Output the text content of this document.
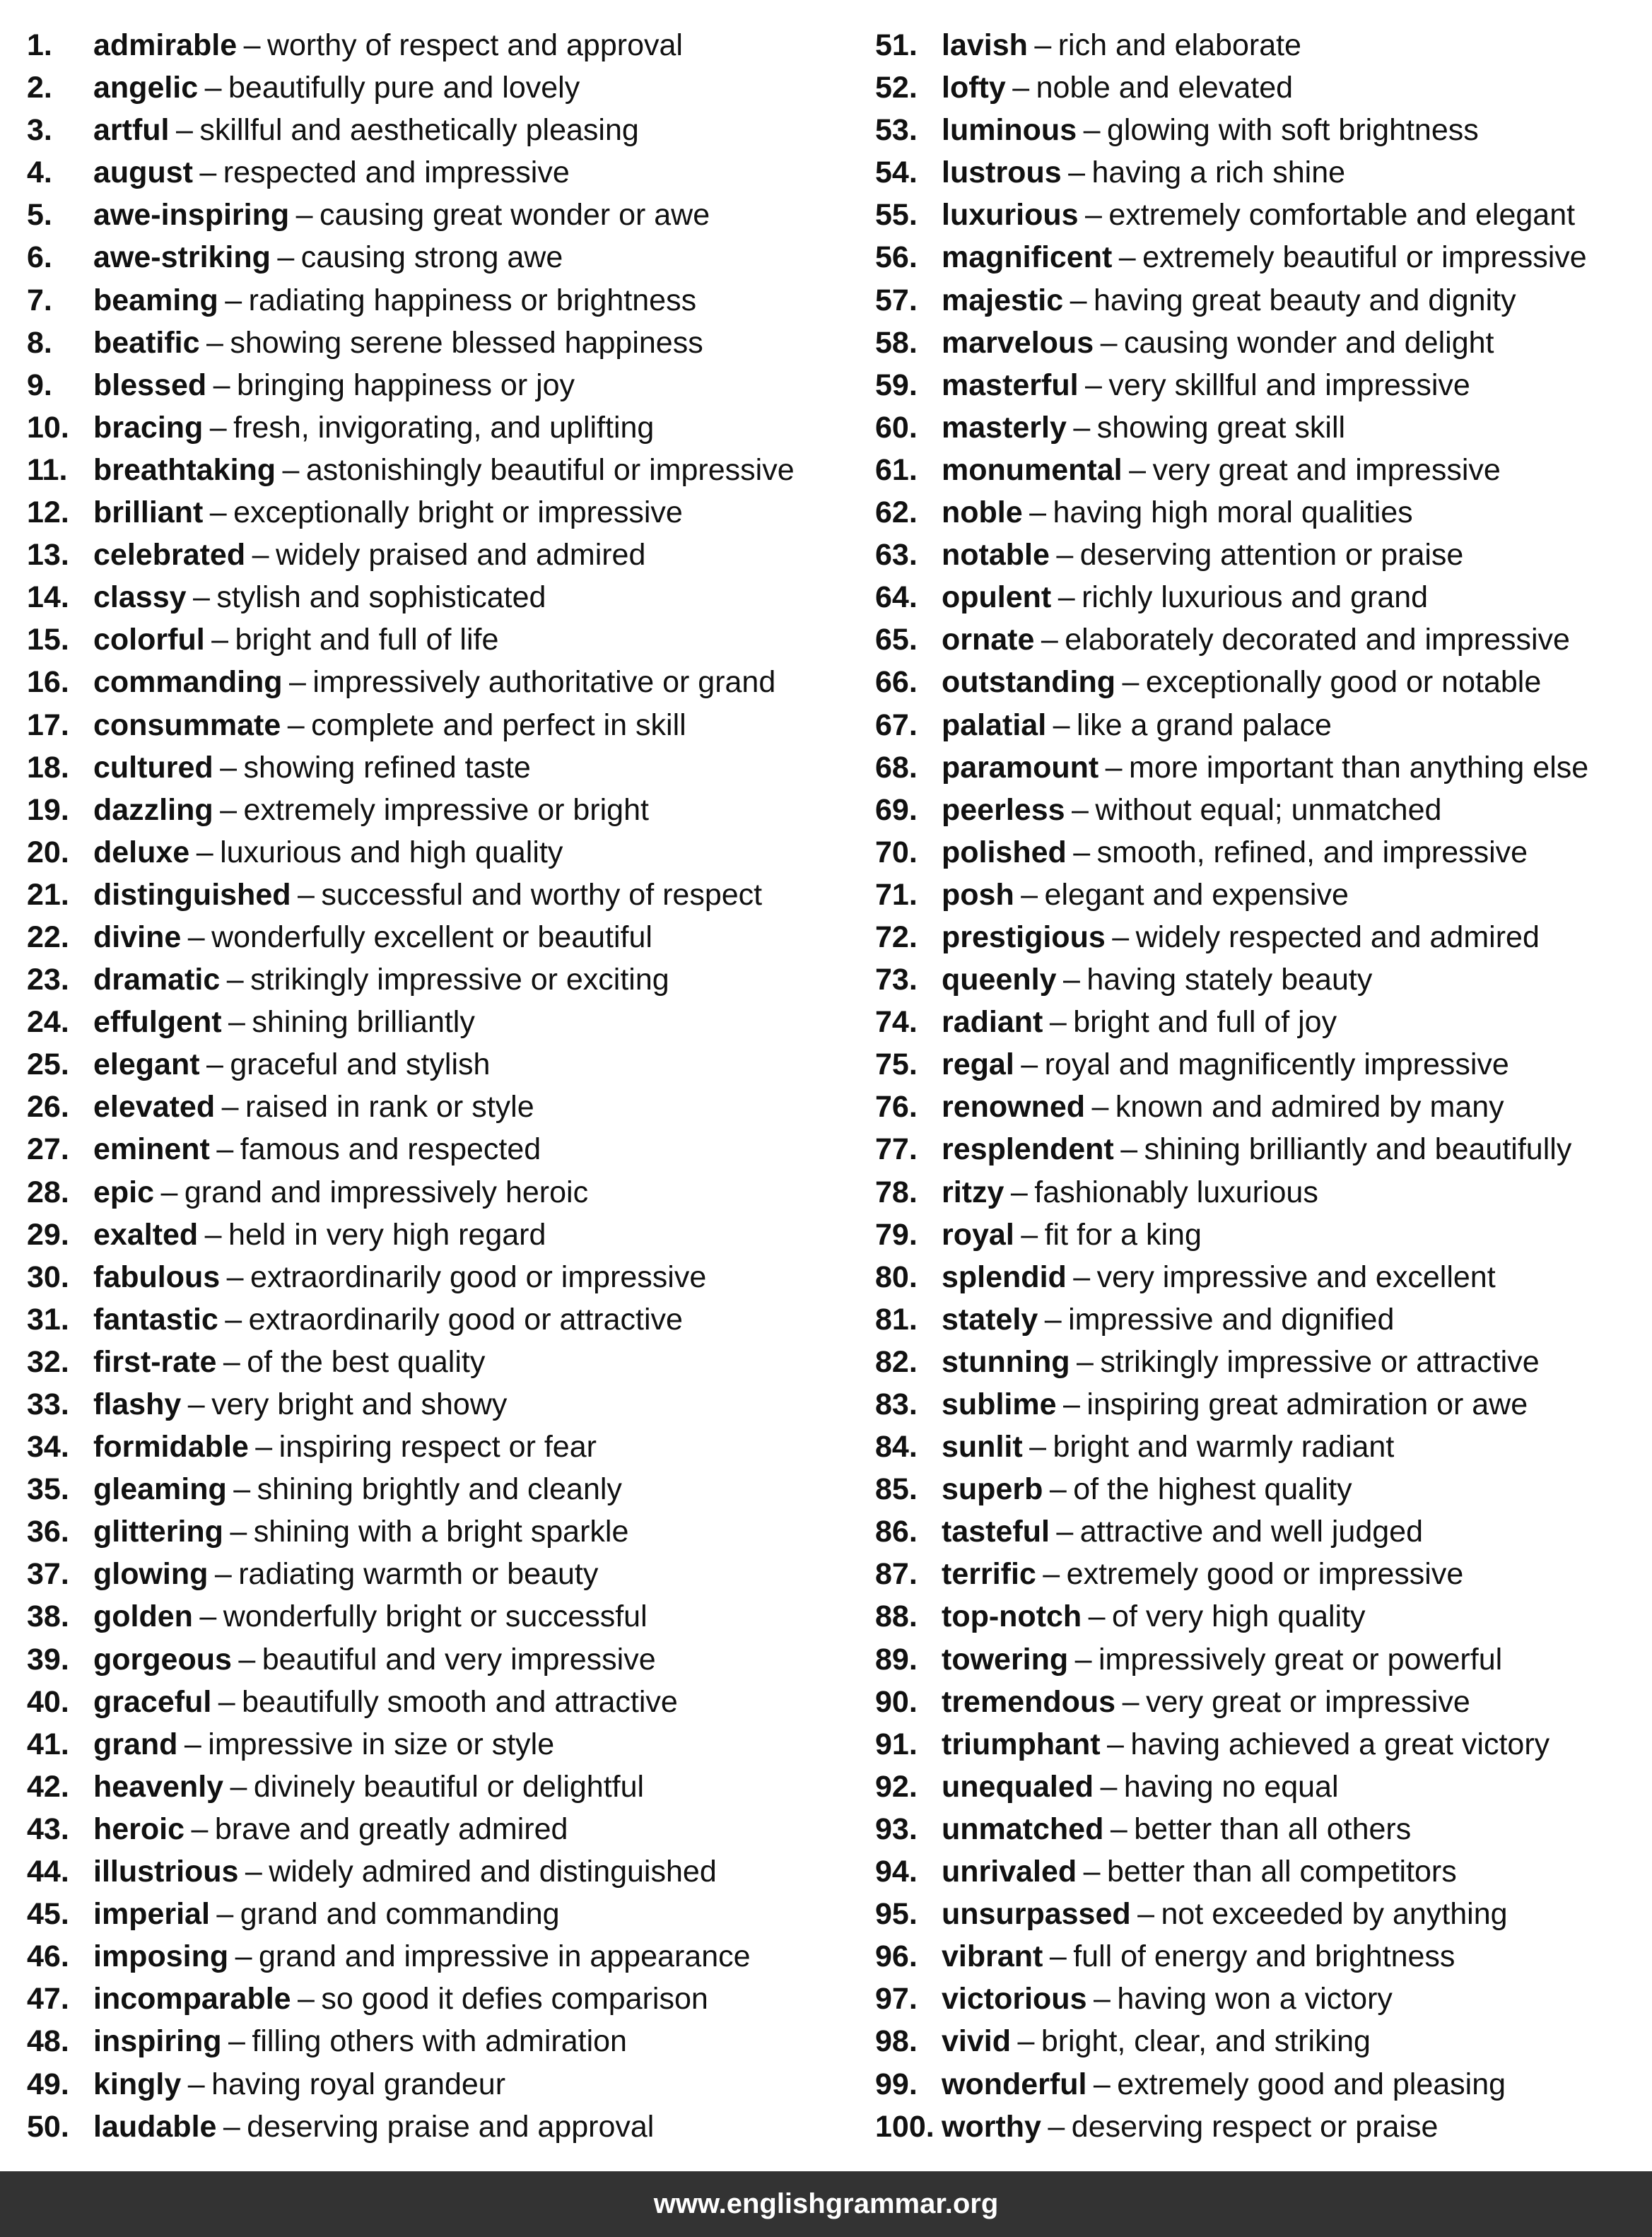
1.	admirable – worthy of respect and approval
2.	angelic – beautifully pure and lovely
3.	artful – skillful and aesthetically pleasing
4.	august – respected and impressive
5.	awe-inspiring – causing great wonder or awe
6.	awe-striking – causing strong awe
7.	beaming – radiating happiness or brightness
8.	beatific – showing serene blessed happiness
9.	blessed – bringing happiness or joy
10. bracing – fresh, invigorating, and uplifting
11. breathtaking – astonishingly beautiful or impressive
12. brilliant – exceptionally bright or impressive
13. celebrated – widely praised and admired
14. classy – stylish and sophisticated
15. colorful – bright and full of life
16. commanding – impressively authoritative or grand
17. consummate – complete and perfect in skill
18. cultured – showing refined taste
19. dazzling – extremely impressive or bright
20. deluxe – luxurious and high quality
21. distinguished – successful and worthy of respect
22. divine – wonderfully excellent or beautiful
23. dramatic – strikingly impressive or exciting
24. effulgent – shining brilliantly
25. elegant – graceful and stylish
26. elevated – raised in rank or style
27. eminent – famous and respected
28. epic – grand and impressively heroic
29. exalted – held in very high regard
30. fabulous – extraordinarily good or impressive
31. fantastic – extraordinarily good or attractive
32. first-rate – of the best quality
33. flashy – very bright and showy
34. formidable – inspiring respect or fear
35. gleaming – shining brightly and cleanly
36. glittering – shining with a bright sparkle
37. glowing – radiating warmth or beauty
38. golden – wonderfully bright or successful
39. gorgeous – beautiful and very impressive
40. graceful – beautifully smooth and attractive
41. grand – impressive in size or style
42. heavenly – divinely beautiful or delightful
43. heroic – brave and greatly admired
44. illustrious – widely admired and distinguished
45. imperial – grand and commanding
46. imposing – grand and impressive in appearance
47. incomparable – so good it defies comparison
48. inspiring – filling others with admiration
49. kingly – having royal grandeur
50. laudable – deserving praise and approval
51. lavish – rich and elaborate
52. lofty – noble and elevated
53. luminous – glowing with soft brightness
54. lustrous – having a rich shine
55. luxurious – extremely comfortable and elegant
56. magnificent – extremely beautiful or impressive
57. majestic – having great beauty and dignity
58. marvelous – causing wonder and delight
59. masterful – very skillful and impressive
60. masterly – showing great skill
61. monumental – very great and impressive
62. noble – having high moral qualities
63. notable – deserving attention or praise
64. opulent – richly luxurious and grand
65. ornate – elaborately decorated and impressive
66. outstanding – exceptionally good or notable
67. palatial – like a grand palace
68. paramount – more important than anything else
69. peerless – without equal; unmatched
70. polished – smooth, refined, and impressive
71. posh – elegant and expensive
72. prestigious – widely respected and admired
73. queenly – having stately beauty
74. radiant – bright and full of joy
75. regal – royal and magnificently impressive
76. renowned – known and admired by many
77. resplendent – shining brilliantly and beautifully
78. ritzy – fashionably luxurious
79. royal – fit for a king
80. splendid – very impressive and excellent
81. stately – impressive and dignified
82. stunning – strikingly impressive or attractive
83. sublime – inspiring great admiration or awe
84. sunlit – bright and warmly radiant
85. superb – of the highest quality
86. tasteful – attractive and well judged
87. terrific – extremely good or impressive
88. top-notch – of very high quality
89. towering – impressively great or powerful
90. tremendous – very great or impressive
91. triumphant – having achieved a great victory
92. unequaled – having no equal
93. unmatched – better than all others
94. unrivaled – better than all competitors
95. unsurpassed – not exceeded by anything
96. vibrant – full of energy and brightness
97. victorious – having won a victory
98. vivid – bright, clear, and striking
99. wonderful – extremely good and pleasing
100. worthy – deserving respect or praise
www.englishgrammar.org
